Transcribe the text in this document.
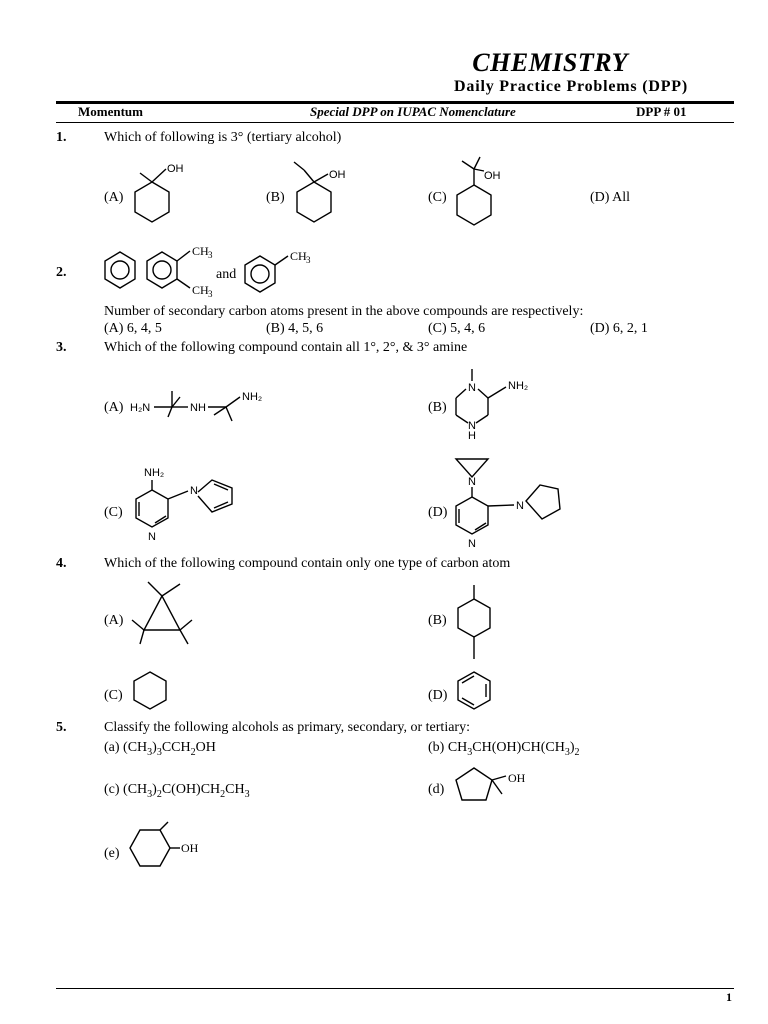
CHEMISTRY
Daily Practice Problems (DPP)
Momentum	Special DPP on IUPAC Nomenclature	DPP # 01
1.	Which of following is 3° (tertiary alcohol)
(A)	(B)	(C)	(D) All
OH	OH	OH
2.
CH 3
CH 3
and
CH 3
Number of secondary carbon atoms present in the above compounds are respectively:
(A) 6, 4, 5	(B) 4, 5, 6	(C) 5, 4, 6	(D) 6, 2, 1
3.	Which of the following compound contain all 1°, 2°, & 3° amine
(A) H₂N	NH
NH₂
(B)
N
N
H
NH₂
(C)
NH₂
N
N
(D)
N
N
N
4.	Which of the following compound contain only one type of carbon atom
(A)	(B)
(C)	(D)
5.	Classify the following alcohols as primary, secondary, or tertiary:
(a) $(CH_3)_3CCH_2OH$	(b) $CH_3CH(OH)CH(CH_3)_2$
(c) $(CH_3)_2C(OH)CH_2CH_3$	(d)
OH
(e)	OH
1
